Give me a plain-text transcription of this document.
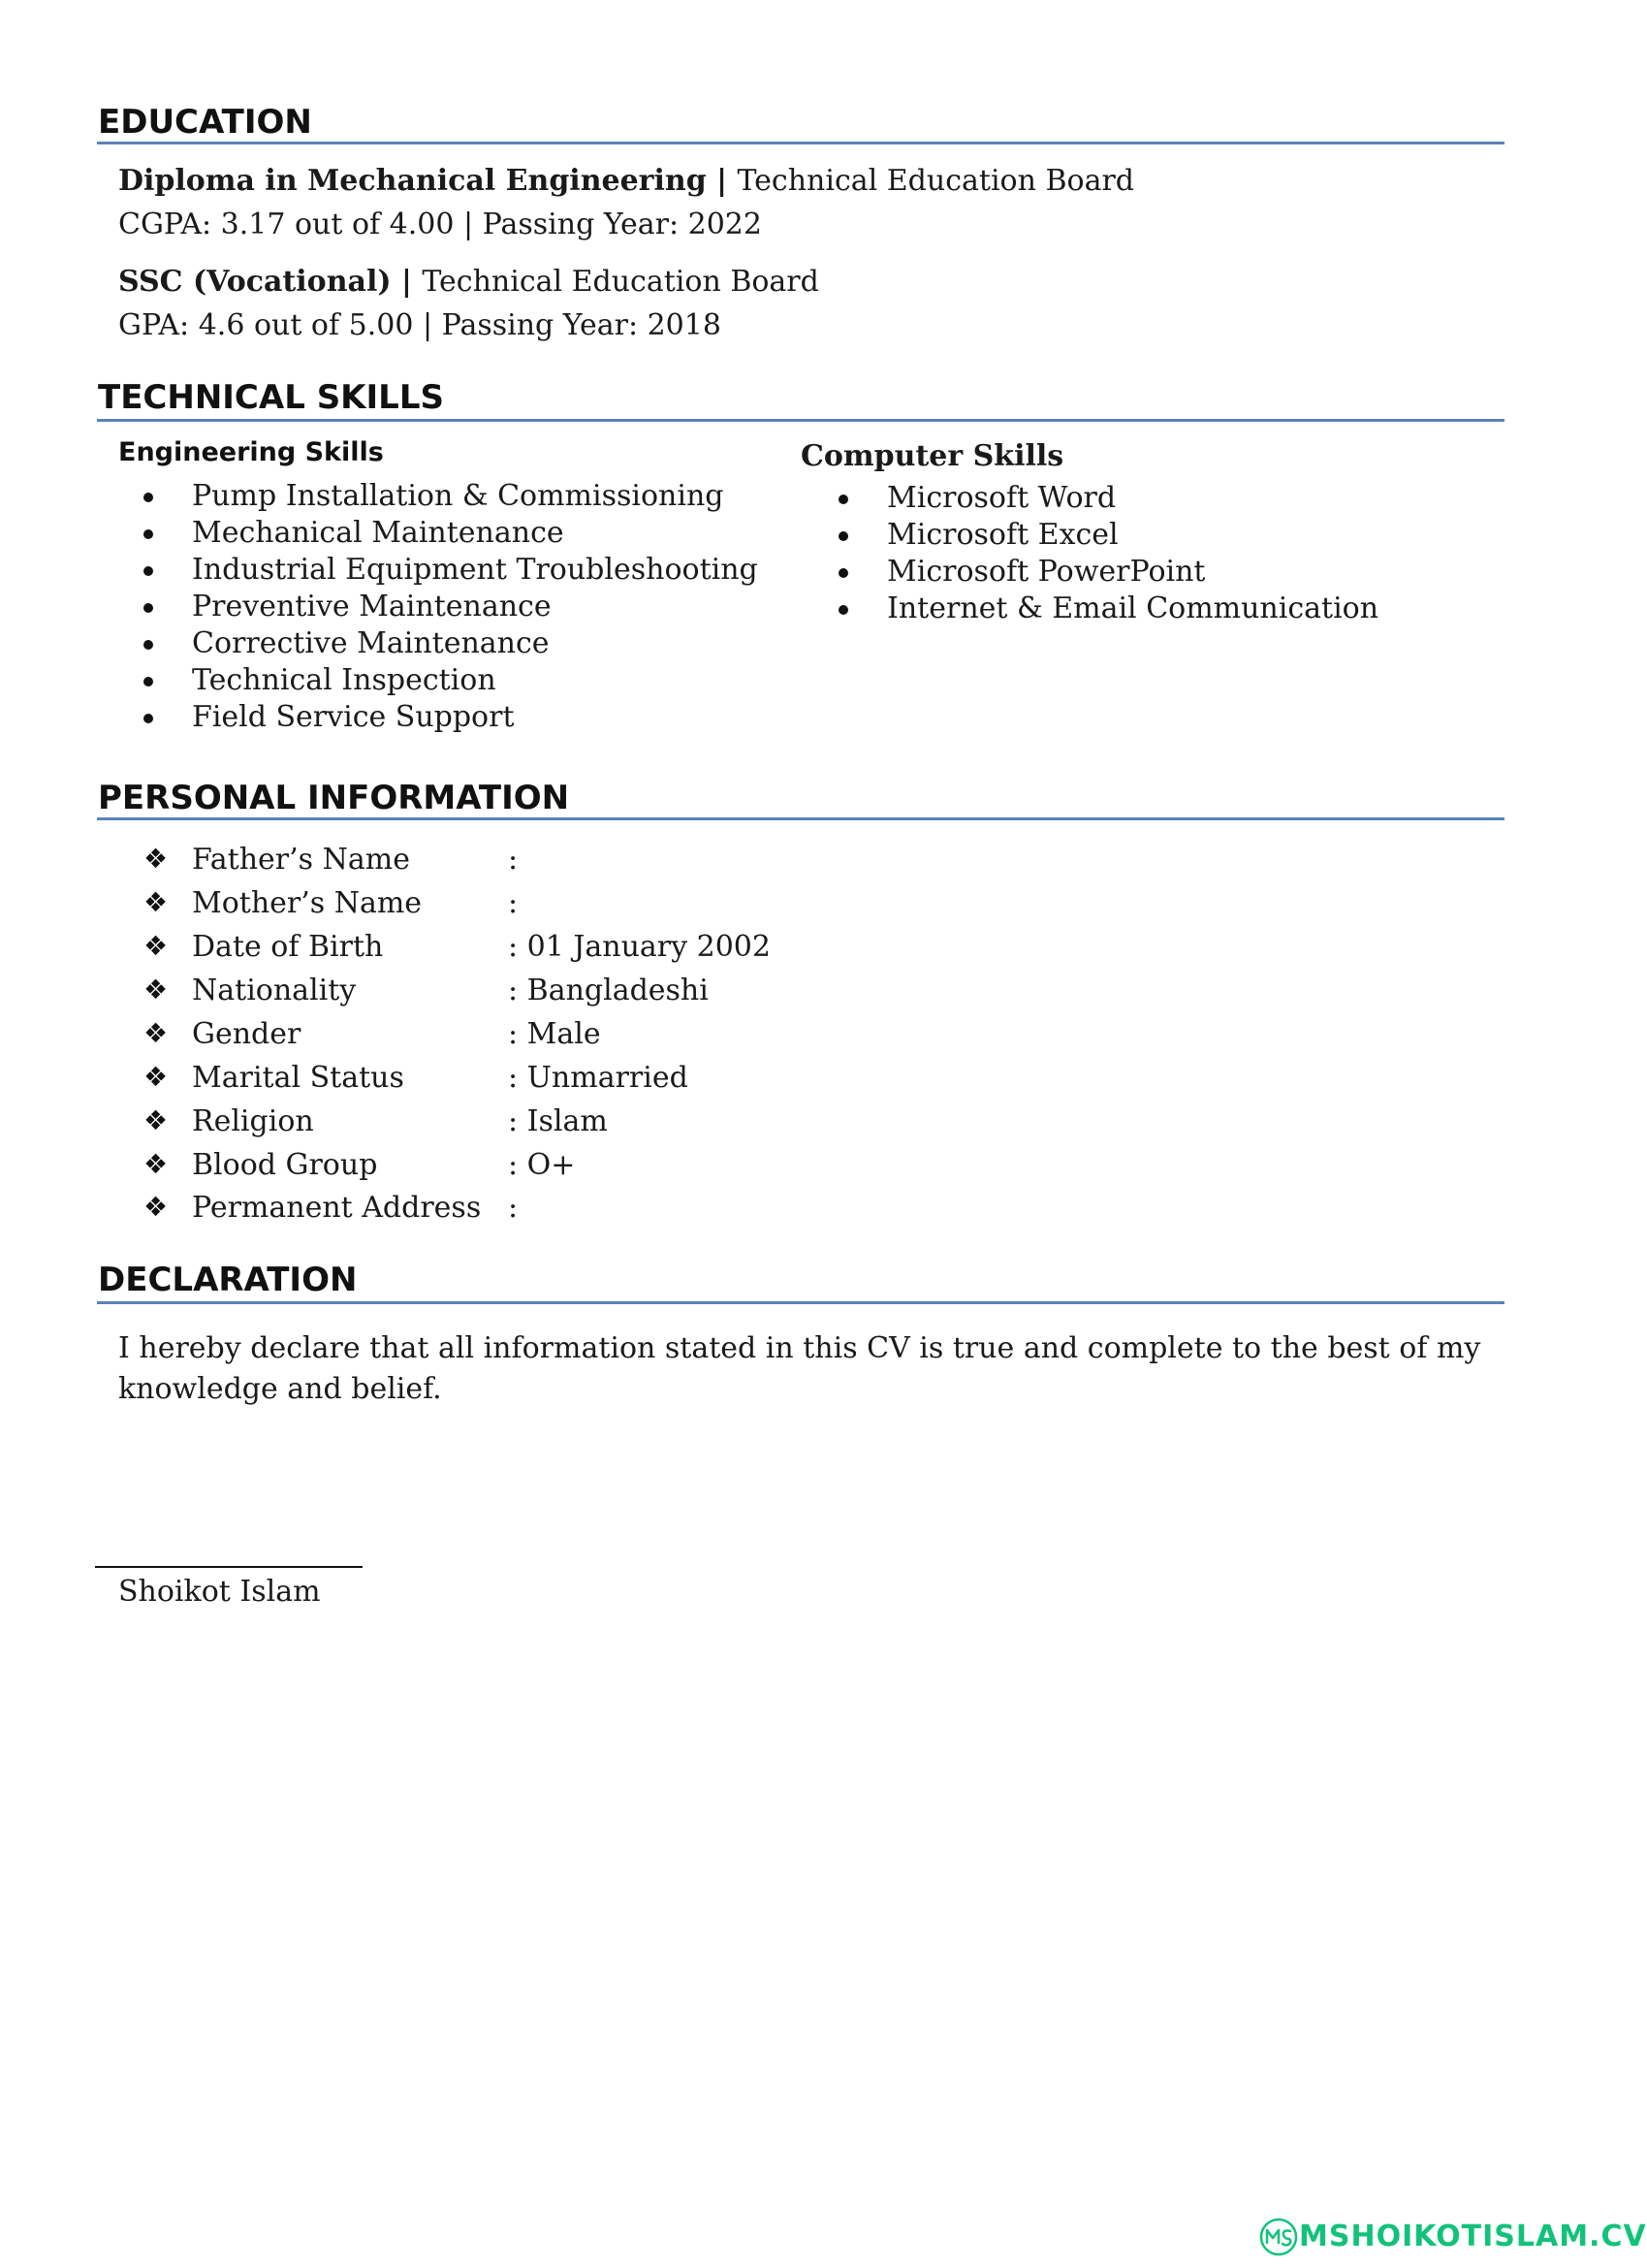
EDUCATION
Diploma in Mechanical Engineering | Technical Education Board
CGPA: 3.17 out of 4.00 | Passing Year: 2022
SSC (Vocational) | Technical Education Board
GPA: 4.6 out of 5.00 | Passing Year: 2018
TECHNICAL SKILLS
Engineering Skills
Pump Installation & Commissioning
Mechanical Maintenance
Industrial Equipment Troubleshooting
Preventive Maintenance
Corrective Maintenance
Technical Inspection
Field Service Support
Computer Skills
Microsoft Word
Microsoft Excel
Microsoft PowerPoint
Internet & Email Communication
PERSONAL INFORMATION
❖ Father’s Name	:
❖ Mother’s Name	:
❖ Date of Birth	: 01 January 2002
❖ Nationality	: Bangladeshi
❖ Gender	: Male
❖ Marital Status	: Unmarried
❖ Religion	: Islam
❖ Blood Group	: O+
❖ Permanent Address :
DECLARATION
I hereby declare that all information stated in this CV is true and complete to the best of my knowledge and belief.
Shoikot Islam
MSHOIKOTISLAM.CV
